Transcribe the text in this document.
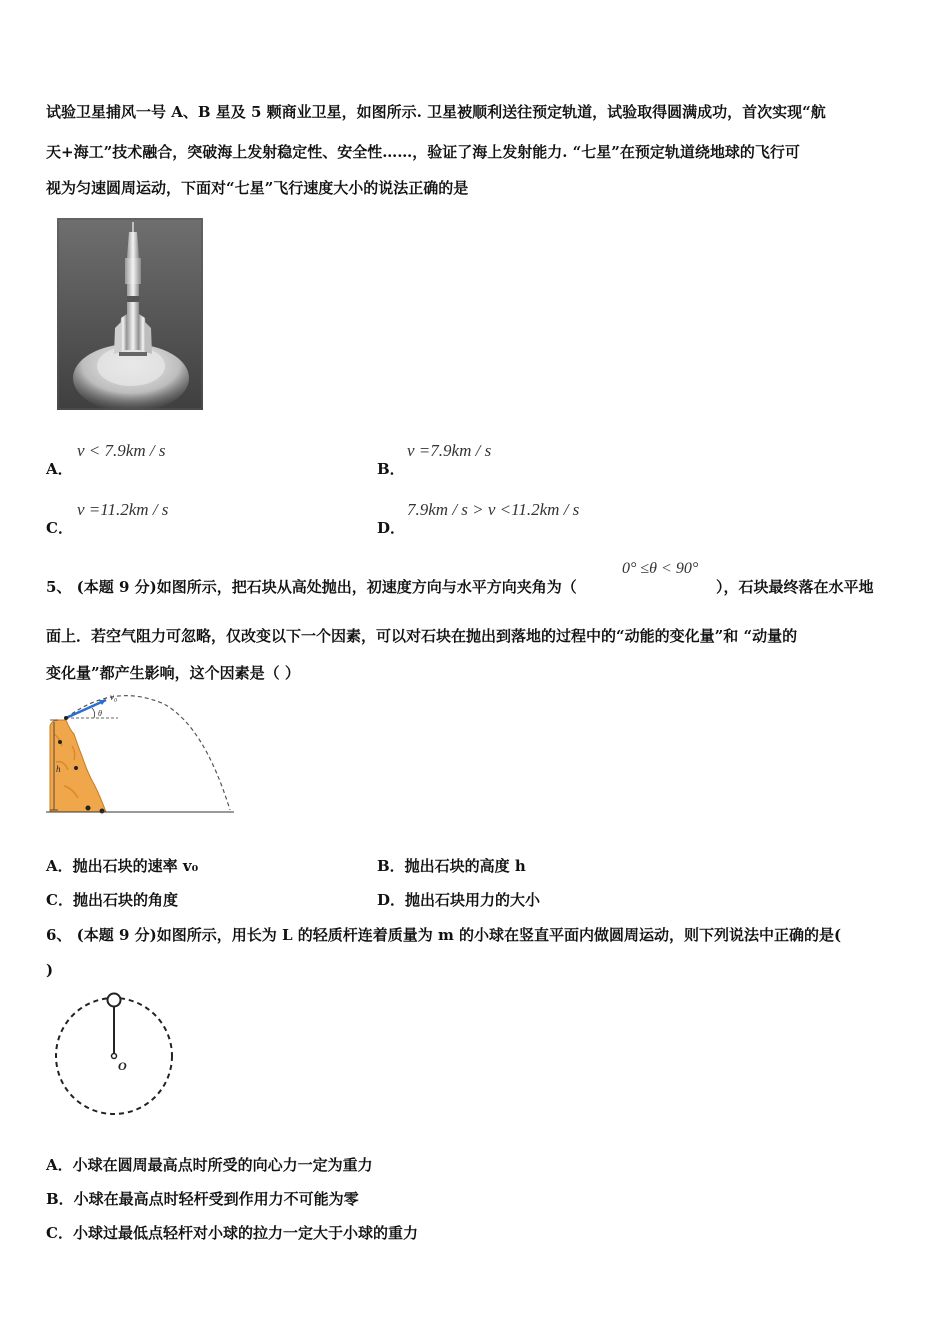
试验卫星捕风一号 A、B 星及 5 颗商业卫星，如图所示. 卫星被顺利送往预定轨道，试验取得圆满成功，首次实现“航
天+海工”技术融合，突破海上发射稳定性、安全性……，验证了海上发射能力. “七星”在预定轨道绕地球的飞行可
视为匀速圆周运动，下面对“七星”飞行速度大小的说法正确的是
A．
v < 7.9km / s
B．
v =7.9km / s
C．
v =11.2km / s
D．
7.9km / s > v <11.2km / s
5、 (本题 9 分)如图所示，把石块从高处抛出，初速度方向与水平方向夹角为（
0° ≤θ < 90°
），石块最终落在水平地
面上．若空气阻力可忽略，仅改变以下一个因素，可以对石块在抛出到落地的过程中的“动能的变化量”和 “动量的
变化量”都产生影响，这个因素是（ ）
h
v₀
θ
A．抛出石块的速率 v₀	B．抛出石块的高度 h
C．抛出石块的角度	D．抛出石块用力的大小
6、 (本题 9 分)如图所示，用长为 L 的轻质杆连着质量为 m 的小球在竖直平面内做圆周运动，则下列说法中正确的是(
)
O
A．小球在圆周最高点时所受的向心力一定为重力
B．小球在最高点时轻杆受到作用力不可能为零
C．小球过最低点轻杆对小球的拉力一定大于小球的重力
